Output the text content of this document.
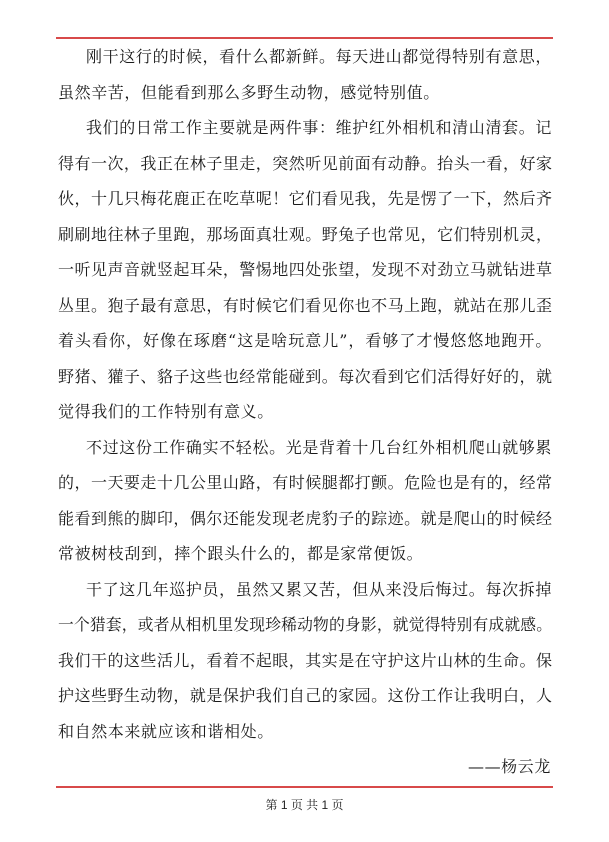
刚干这行的时候，看什么都新鲜。每天进山都觉得特别有意思，
虽然辛苦，但能看到那么多野生动物，感觉特别值。
我们的日常工作主要就是两件事：维护红外相机和清山清套。记
得有一次，我正在林子里走，突然听见前面有动静。抬头一看，好家
伙，十几只梅花鹿正在吃草呢！它们看见我，先是愣了一下，然后齐
刷刷地往林子里跑，那场面真壮观。野兔子也常见，它们特别机灵，
一听见声音就竖起耳朵，警惕地四处张望，发现不对劲立马就钻进草
丛里。狍子最有意思，有时候它们看见你也不马上跑，就站在那儿歪
着头看你，好像在琢磨“这是啥玩意儿”，看够了才慢悠悠地跑开。
野猪、獾子、貉子这些也经常能碰到。每次看到它们活得好好的，就
觉得我们的工作特别有意义。
不过这份工作确实不轻松。光是背着十几台红外相机爬山就够累
的，一天要走十几公里山路，有时候腿都打颤。危险也是有的，经常
能看到熊的脚印，偶尔还能发现老虎豹子的踪迹。就是爬山的时候经
常被树枝刮到，摔个跟头什么的，都是家常便饭。
干了这几年巡护员，虽然又累又苦，但从来没后悔过。每次拆掉
一个猎套，或者从相机里发现珍稀动物的身影，就觉得特别有成就感。
我们干的这些活儿，看着不起眼，其实是在守护这片山林的生命。保
护这些野生动物，就是保护我们自己的家园。这份工作让我明白，人
和自然本来就应该和谐相处。
——杨云龙
第 1 页 共 1 页
